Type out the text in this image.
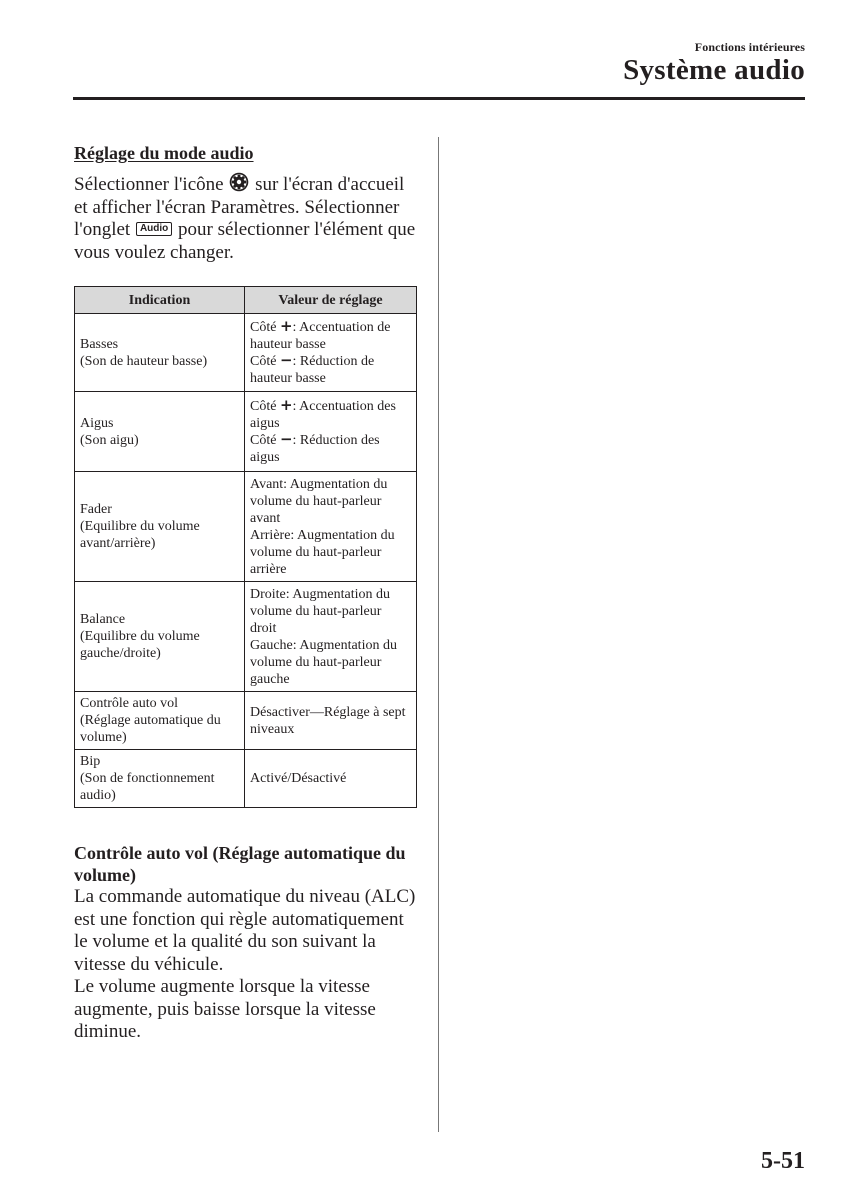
Fonctions intérieures
Système audio
Réglage du mode audio
Sélectionner l'icône sur l'écran d'accueil et afficher l'écran Paramètres. Sélectionner l'onglet Audio pour sélectionner l'élément que vous voulez changer.
Indication	Valeur de réglage

Basses
(Son de hauteur basse)	Côté +: Accentuation de hauteur basse
Côté −: Réduction de hauteur basse

Aigus
(Son aigu)	Côté +: Accentuation des aigus
Côté −: Réduction des aigus

Fader
(Equilibre du volume avant/arrière)	Avant: Augmentation du volume du haut-parleur avant
Arrière: Augmentation du volume du haut-parleur arrière

Balance
(Equilibre du volume gauche/droite)	Droite: Augmentation du volume du haut-parleur droit
Gauche: Augmentation du volume du haut-parleur gauche

Contrôle auto vol
(Réglage automatique du volume)	Désactiver—Réglage à sept niveaux

Bip
(Son de fonctionnement audio)	Activé/Désactivé
Contrôle auto vol (Réglage automatique du volume)
La commande automatique du niveau (ALC) est une fonction qui règle automatiquement le volume et la qualité du son suivant la vitesse du véhicule.
Le volume augmente lorsque la vitesse augmente, puis baisse lorsque la vitesse diminue.
5-51
